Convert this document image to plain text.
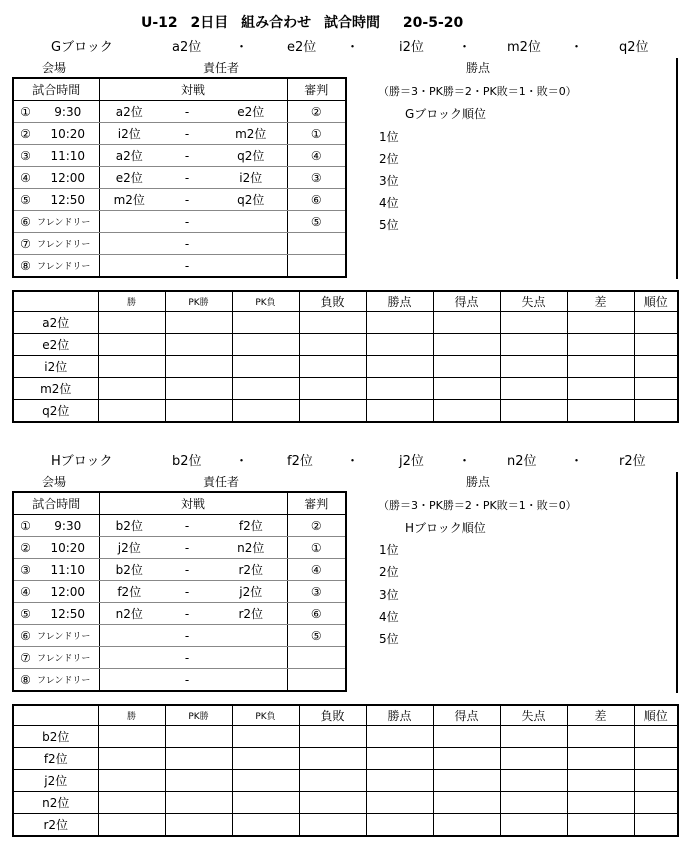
U-12 2日目 組み合わせ 試合時間 20-5-20
Gブロック	a2位	・	e2位 ・	i2位	・	m2位 ・	q2位
会場	責任者	勝点
（勝＝3・PK勝＝2・PK敗＝1・敗＝0）
Gブロック順位
1位
2位
3位
4位
5位
試合時間		対戦			審判
①	9:30	a2位	-	e2位	②
②	10:20	i2位	-	m2位	①
③	11:10	a2位	-	q2位	④
④	12:00	e2位	-	i2位	③
⑤	12:50	m2位	-	q2位	⑥
⑥	フレンドリー		-		⑤
⑦	フレンドリー		-		
⑧	フレンドリー		-		
	勝	PK勝	PK負	負敗	勝点	得点	失点	差	順位
a2位									
e2位									
i2位									
m2位									
q2位									
Hブロック	b2位	・	f2位	・	j2位	・	n2位	・	r2位
会場	責任者	勝点
（勝＝3・PK勝＝2・PK敗＝1・敗＝0）
Hブロック順位
1位
2位
3位
4位
5位
試合時間		対戦			審判
①	9:30	b2位	-	f2位	②
②	10:20	j2位	-	n2位	①
③	11:10	b2位	-	r2位	④
④	12:00	f2位	-	j2位	③
⑤	12:50	n2位	-	r2位	⑥
⑥	フレンドリー		-		⑤
⑦	フレンドリー		-		
⑧	フレンドリー		-		
	勝	PK勝	PK負	負敗	勝点	得点	失点	差	順位
b2位									
f2位									
j2位									
n2位									
r2位									
